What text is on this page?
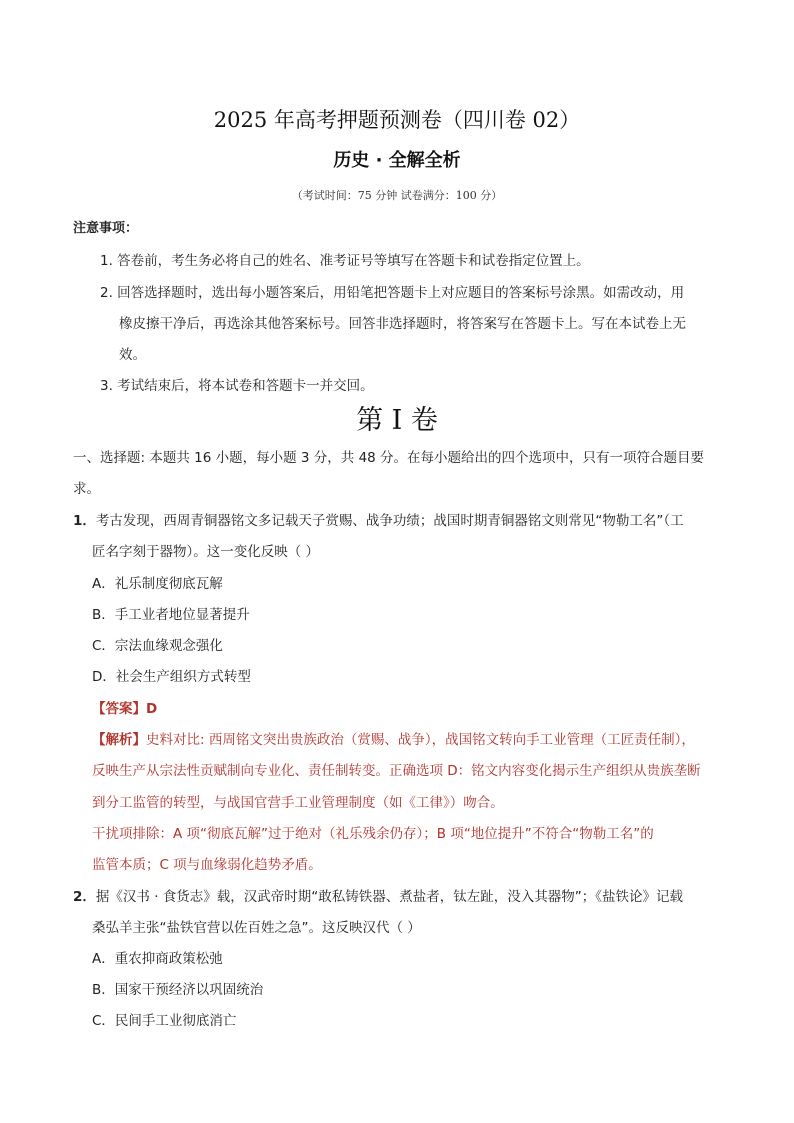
2025 年高考押题预测卷（四川卷 02）
历史 · 全解全析
（考试时间：75 分钟 试卷满分：100 分）
注意事项：
1. 答卷前，考生务必将自己的姓名、准考证号等填写在答题卡和试卷指定位置上。
2. 回答选择题时，选出每小题答案后，用铅笔把答题卡上对应题目的答案标号涂黑。如需改动，用
橡皮擦干净后，再选涂其他答案标号。回答非选择题时，将答案写在答题卡上。写在本试卷上无
效。
3. 考试结束后，将本试卷和答题卡一并交回。
第 I 卷
一、选择题: 本题共 16 小题，每小题 3 分，共 48 分。在每小题给出的四个选项中，只有一项符合题目要
求。
1．考古发现，西周青铜器铭文多记载天子赏赐、战争功绩；战国时期青铜器铭文则常见“物勒工名”（工
匠名字刻于器物）。这一变化反映（ ）
A．礼乐制度彻底瓦解
B．手工业者地位显著提升
C．宗法血缘观念强化
D．社会生产组织方式转型
【答案】D
【解析】史料对比: 西周铭文突出贵族政治（赏赐、战争），战国铭文转向手工业管理（工匠责任制），
反映生产从宗法性贡赋制向专业化、责任制转变。正确选项 D：铭文内容变化揭示生产组织从贵族垄断
到分工监管的转型，与战国官营手工业管理制度（如《工律》）吻合。
干扰项排除：A 项“彻底瓦解”过于绝对（礼乐残余仍存）；B 项“地位提升”不符合“物勒工名”的
监管本质；C 项与血缘弱化趋势矛盾。
2．据《汉书 · 食货志》载，汉武帝时期“敢私铸铁器、煮盐者，钛左趾，没入其器物”；《盐铁论》记载
桑弘羊主张“盐铁官营以佐百姓之急”。这反映汉代（ ）
A．重农抑商政策松弛
B．国家干预经济以巩固统治
C．民间手工业彻底消亡
